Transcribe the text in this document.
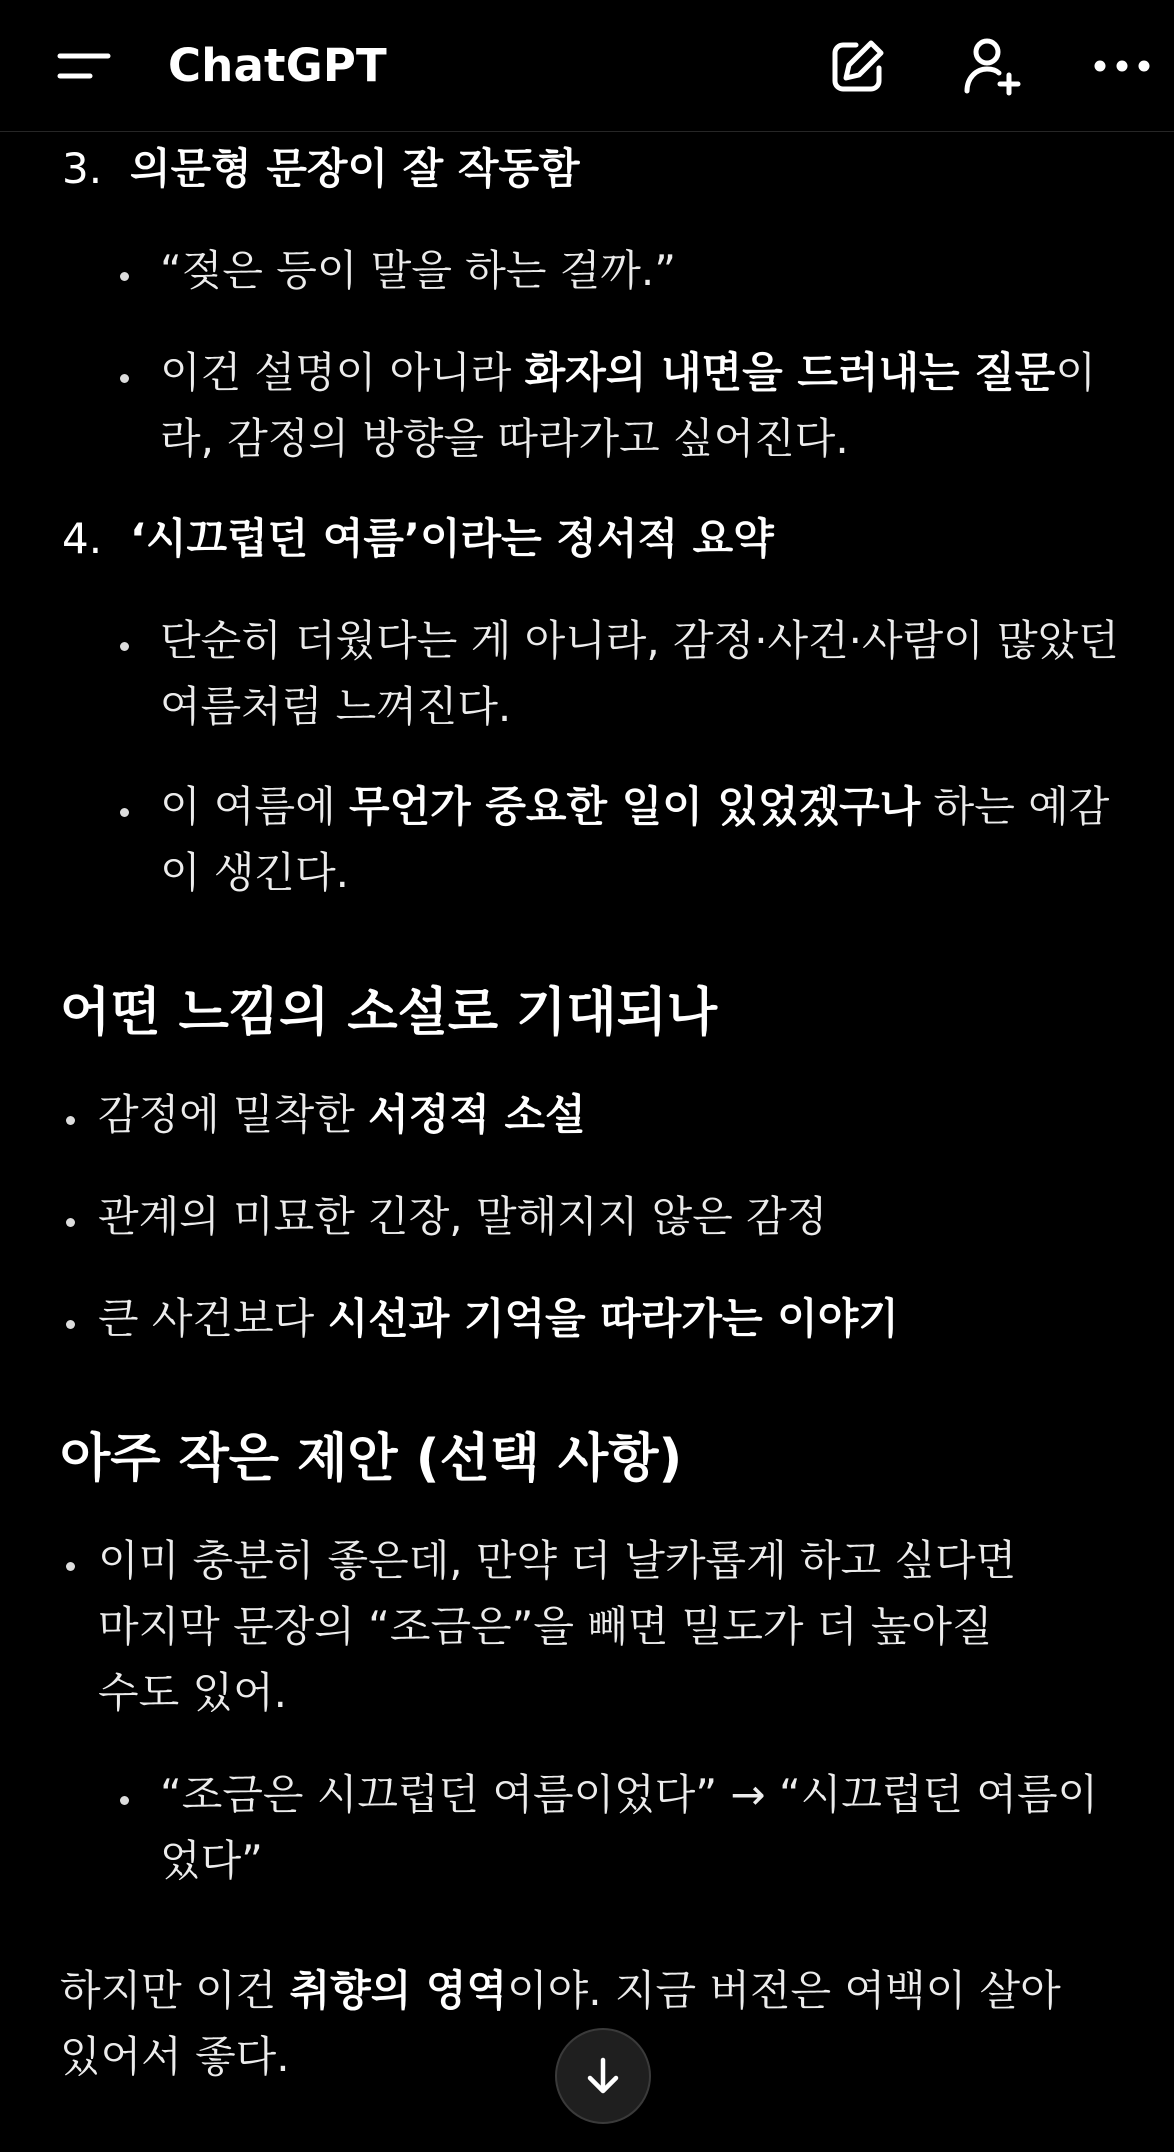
ChatGPT
3. 의문형 문장이 잘 작동함
“젖은 등이 말을 하는 걸까.”
이건 설명이 아니라 화자의 내면을 드러내는 질문이
라, 감정의 방향을 따라가고 싶어진다.
4. ‘시끄럽던 여름’이라는 정서적 요약
단순히 더웠다는 게 아니라, 감정·사건·사람이 많았던
여름처럼 느껴진다.
이 여름에 무언가 중요한 일이 있었겠구나 하는 예감
이 생긴다.
어떤 느낌의 소설로 기대되나
감정에 밀착한 서정적 소설
관계의 미묘한 긴장, 말해지지 않은 감정
큰 사건보다 시선과 기억을 따라가는 이야기
아주 작은 제안 (선택 사항)
이미 충분히 좋은데, 만약 더 날카롭게 하고 싶다면
마지막 문장의 “조금은”을 빼면 밀도가 더 높아질
수도 있어.
“조금은 시끄럽던 여름이었다” → “시끄럽던 여름이
었다”
하지만 이건 취향의 영역이야. 지금 버전은 여백이 살아
있어서 좋다.
